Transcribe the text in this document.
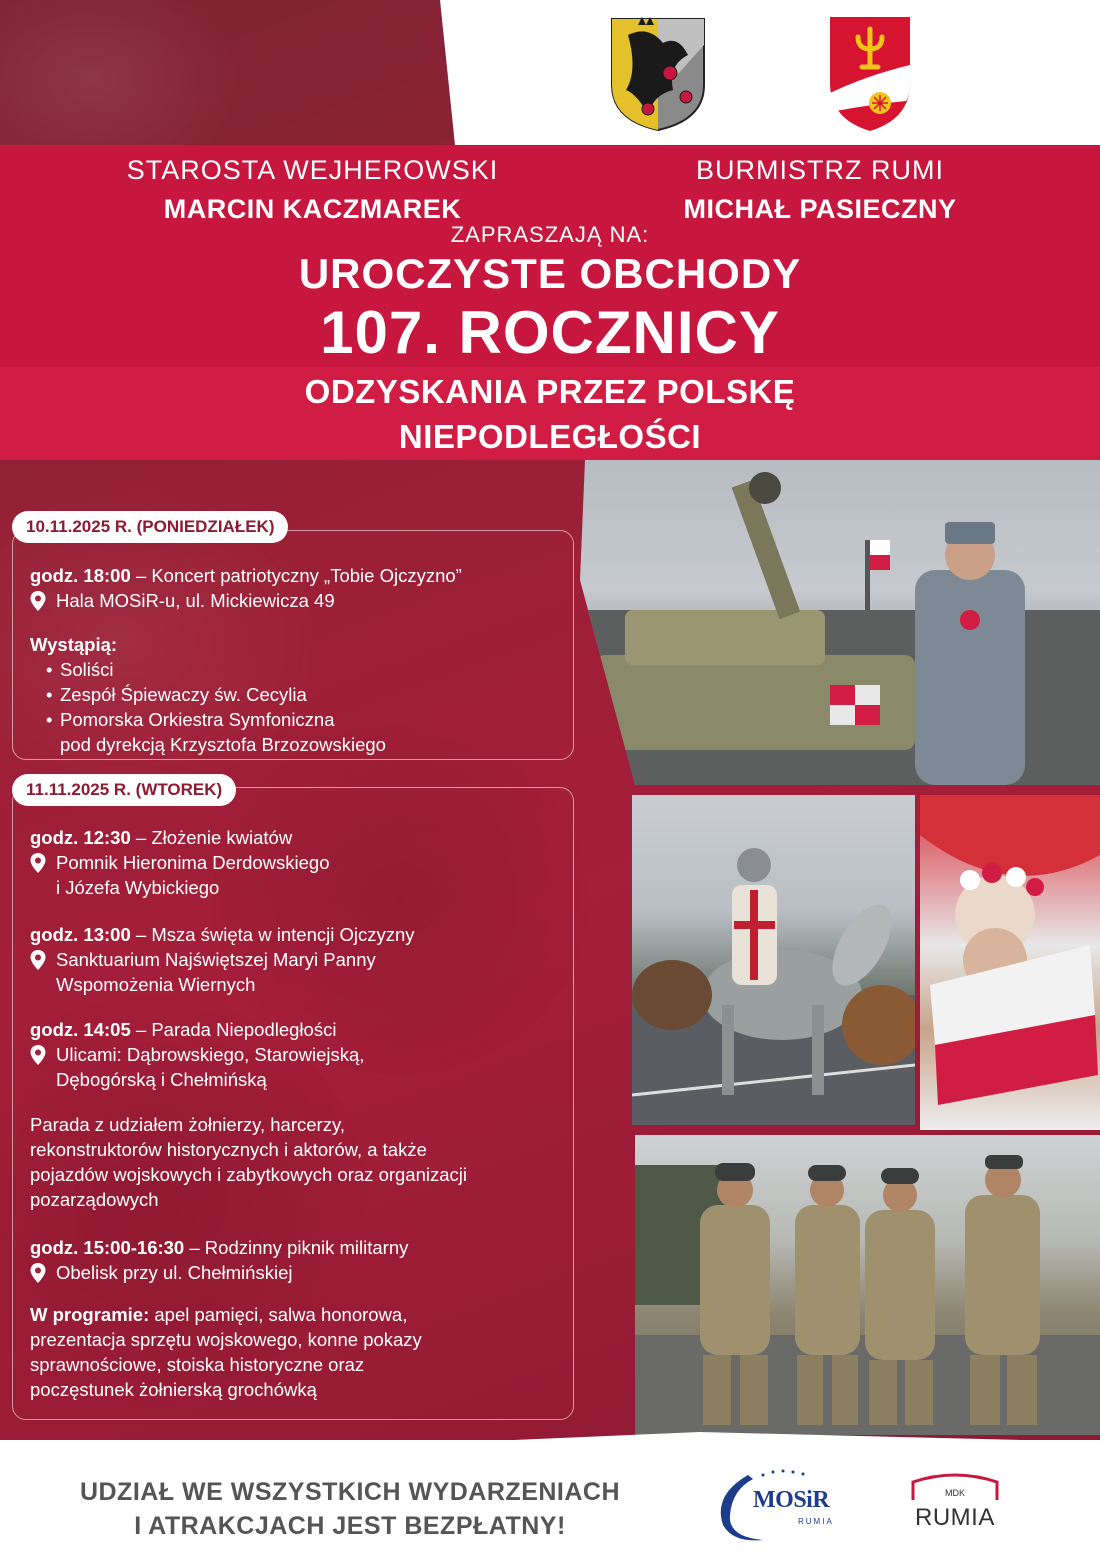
STAROSTA WEJHEROWSKI
MARCIN KACZMAREK
BURMISTRZ RUMI
MICHAŁ PASIECZNY
ZAPRASZAJĄ NA:
UROCZYSTE OBCHODY
107. ROCZNICY
ODZYSKANIA PRZEZ POLSKĘ
NIEPODLEGŁOŚCI
10.11.2025 R. (PONIEDZIAŁEK)
godz. 18:00 – Koncert patriotyczny „Tobie Ojczyzno”
Hala MOSiR-u, ul. Mickiewicza 49
Wystąpią:
• Soliści
• Zespół Śpiewaczy św. Cecylia
• Pomorska Orkiestra Symfoniczna
pod dyrekcją Krzysztofa Brzozowskiego
11.11.2025 R. (WTOREK)
godz. 12:30 – Złożenie kwiatów
Pomnik Hieronima Derdowskiego
i Józefa Wybickiego
godz. 13:00 – Msza święta w intencji Ojczyzny
Sanktuarium Najświętszej Maryi Panny
Wspomożenia Wiernych
godz. 14:05 – Parada Niepodległości
Ulicami: Dąbrowskiego, Starowiejską,
Dębogórską i Chełmińską
Parada z udziałem żołnierzy, harcerzy,
rekonstruktorów historycznych i aktorów, a także
pojazdów wojskowych i zabytkowych oraz organizacji
pozarządowych
godz. 15:00-16:30 – Rodzinny piknik militarny
Obelisk przy ul. Chełmińskiej
W programie: apel pamięci, salwa honorowa,
prezentacja sprzętu wojskowego, konne pokazy
sprawnościowe, stoiska historyczne oraz
poczęstunek żołnierską grochówką
UDZIAŁ WE WSZYSTKICH WYDARZENIACH
I ATRAKCJACH JEST BEZPŁATNY!
MOSiR
RUMIA
MDK
RUMIA
